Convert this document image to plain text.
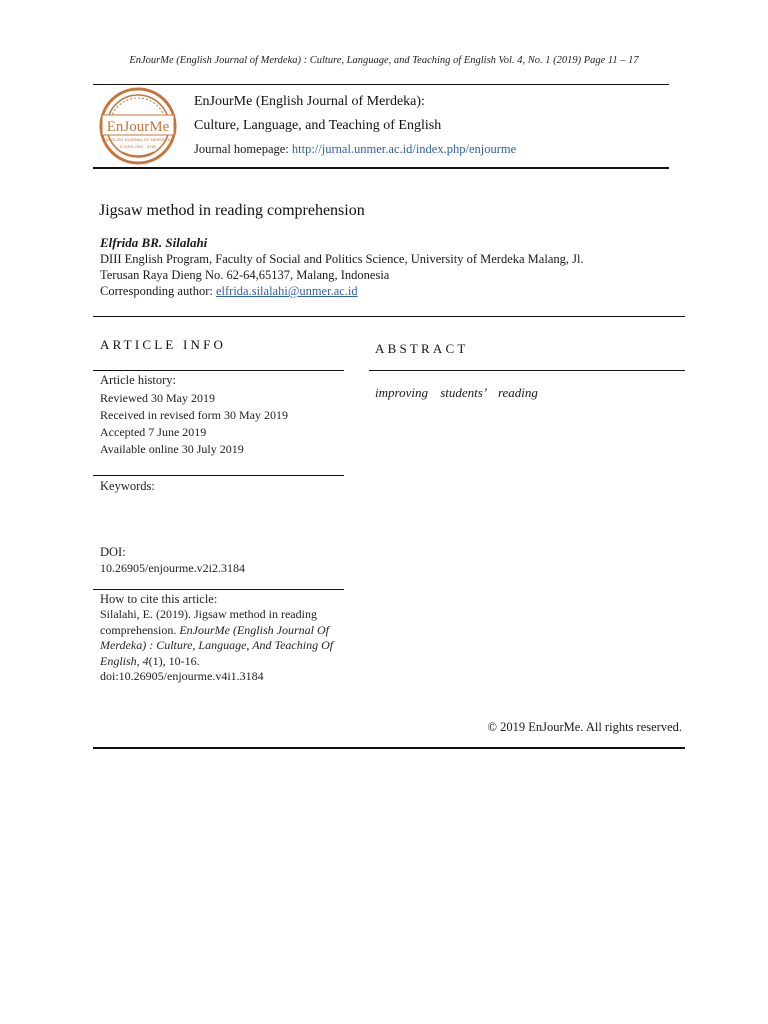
EnJourMe (English Journal of Merdeka) : Culture, Language, and Teaching of English Vol. 4, No. 1 (2019) Page 11 – 17
EnJourMe
ENGLISH JOURNAL OF MERDEKA
E-ISSN 2502 - 3780
EnJourMe (English Journal of Merdeka):
Culture, Language, and Teaching of English
Journal homepage: http://jurnal.unmer.ac.id/index.php/enjourme
Jigsaw method in reading comprehension
Elfrida BR. Silalahi
DIII English Program, Faculty of Social and Politics Science, University of Merdeka Malang, Jl.
Terusan Raya Dieng No. 62-64,65137, Malang, Indonesia
Corresponding author: elfrida.silalahi@unmer.ac.id
ARTICLE INFO	ABSTRACT
Article history:
Reviewed 30 May 2019
Received in revised form 30 May 2019
Accepted 7 June 2019
Available online 30 July 2019
Keywords:
DOI:
10.26905/enjourme.v2i2.3184
How to cite this article:
Silalahi, E. (2019). Jigsaw method in reading comprehension. EnJourMe (English Journal Of Merdeka) : Culture, Language, And Teaching Of English, 4(1), 10-16. doi:10.26905/enjourme.v4i1.3184
improving students’ reading
© 2019 EnJourMe. All rights reserved.
